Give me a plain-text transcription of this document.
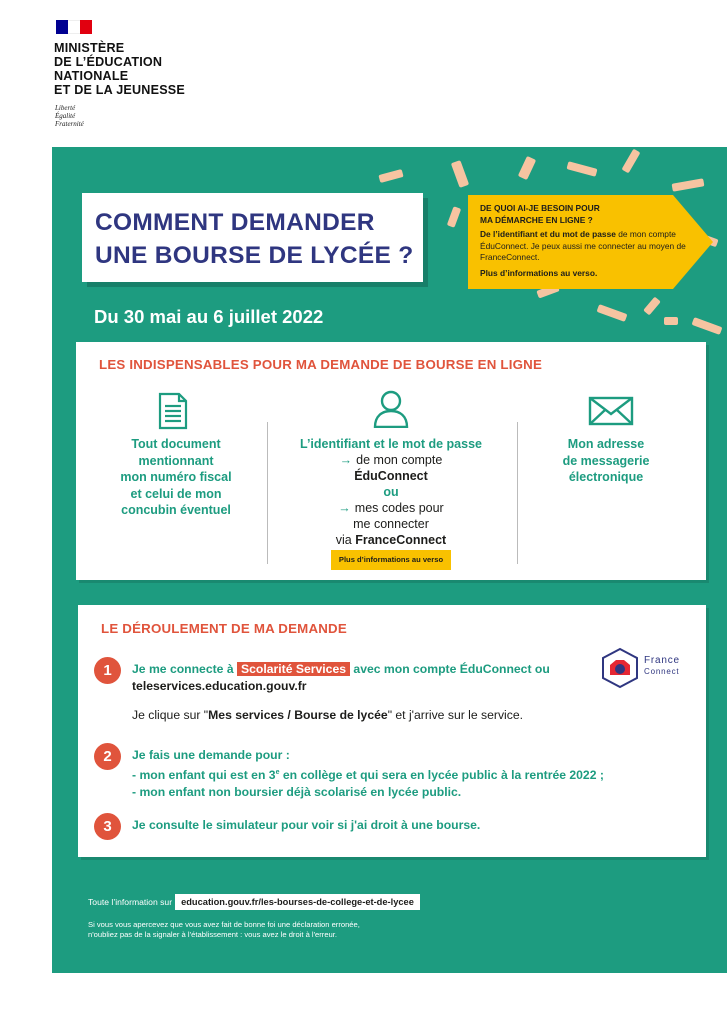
MINISTÈRE
DE L’ÉDUCATION
NATIONALE
ET DE LA JEUNESSE
Liberté
Égalité
Fraternité
COMMENT DEMANDER
UNE BOURSE DE LYCÉE ?
DE QUOI AI-JE BESOIN POUR
MA DÉMARCHE EN LIGNE ?
De l’identifiant et du mot de passe de mon compte ÉduConnect. Je peux aussi me connecter au moyen de FranceConnect.
Plus d’informations au verso.
Du 30 mai au 6 juillet 2022
LES INDISPENSABLES POUR MA DEMANDE DE BOURSE EN LIGNE
Tout document
mentionnant
mon numéro fiscal
et celui de mon
concubin éventuel
L’identifiant et le mot de passe
→ de mon compte
ÉduConnect
ou
→ mes codes pour
me connecter
via FranceConnect
Plus d’informations au verso
Mon adresse
de messagerie
électronique
LE DÉROULEMENT DE MA DEMANDE
1	Je me connecte à Scolarité Services avec mon compte ÉduConnect ou
teleservices.education.gouv.fr
Je clique sur "Mes services / Bourse de lycée" et j'arrive sur le service.
France
Connect
2	Je fais une demande pour :
- mon enfant qui est en 3e en collège et qui sera en lycée public à la rentrée 2022 ;
- mon enfant non boursier déjà scolarisé en lycée public.
3	Je consulte le simulateur pour voir si j'ai droit à une bourse.
Toute l’information sur education.gouv.fr/les-bourses-de-college-et-de-lycee
Si vous vous apercevez que vous avez fait de bonne foi une déclaration erronée,
n'oubliez pas de la signaler à l’établissement : vous avez le droit à l'erreur.
